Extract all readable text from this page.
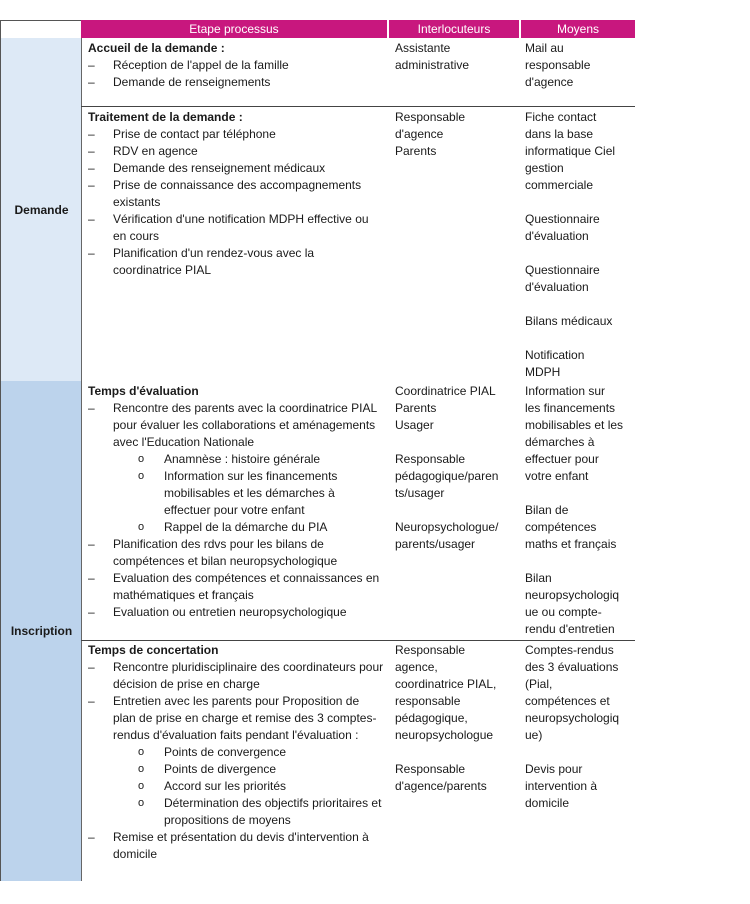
Etape processus	Interlocuteurs	Moyens
Demande
Inscription
Accueil de la demande :
– Réception de l'appel de la famille
– Demande de renseignements
Assistante
administrative
Mail au
responsable
d'agence
Traitement de la demande :
– Prise de contact par téléphone
– RDV en agence
– Demande des renseignement médicaux
– Prise de connaissance des accompagnements existants
– Vérification d'une notification MDPH effective ou en cours
– Planification d'un rendez-vous avec la coordinatrice PIAL
Responsable
d'agence
Parents
Fiche contact
dans la base
informatique Ciel
gestion
commerciale
Questionnaire
d'évaluation
Questionnaire
d'évaluation
Bilans médicaux
Notification
MDPH
Temps d'évaluation
– Rencontre des parents avec la coordinatrice PIAL pour évaluer les collaborations et aménagements avec l'Education Nationale
o Anamnèse : histoire générale
o Information sur les financements mobilisables et les démarches à effectuer pour votre enfant
o Rappel de la démarche du PIA
– Planification des rdvs pour les bilans de compétences et bilan neuropsychologique
– Evaluation des compétences et connaissances en mathématiques et français
– Evaluation ou entretien neuropsychologique
Coordinatrice PIAL
Parents
Usager
Responsable
pédagogique/paren
ts/usager
Neuropsychologue/
parents/usager
Information sur
les financements
mobilisables et les
démarches à
effectuer pour
votre enfant
Bilan de
compétences
maths et français
Bilan
neuropsychologiq
ue ou compte-
rendu d'entretien
Temps de concertation
– Rencontre pluridisciplinaire des coordinateurs pour décision de prise en charge
– Entretien avec les parents pour Proposition de plan de prise en charge et remise des 3 comptes-rendus d'évaluation faits pendant l'évaluation :
o Points de convergence
o Points de divergence
o Accord sur les priorités
o Détermination des objectifs prioritaires et propositions de moyens
– Remise et présentation du devis d'intervention à domicile
Responsable
agence,
coordinatrice PIAL,
responsable
pédagogique,
neuropsychologue
Responsable
d'agence/parents
Comptes-rendus
des 3 évaluations
(Pial,
compétences et
neuropsychologiq
ue)
Devis pour
intervention à
domicile
